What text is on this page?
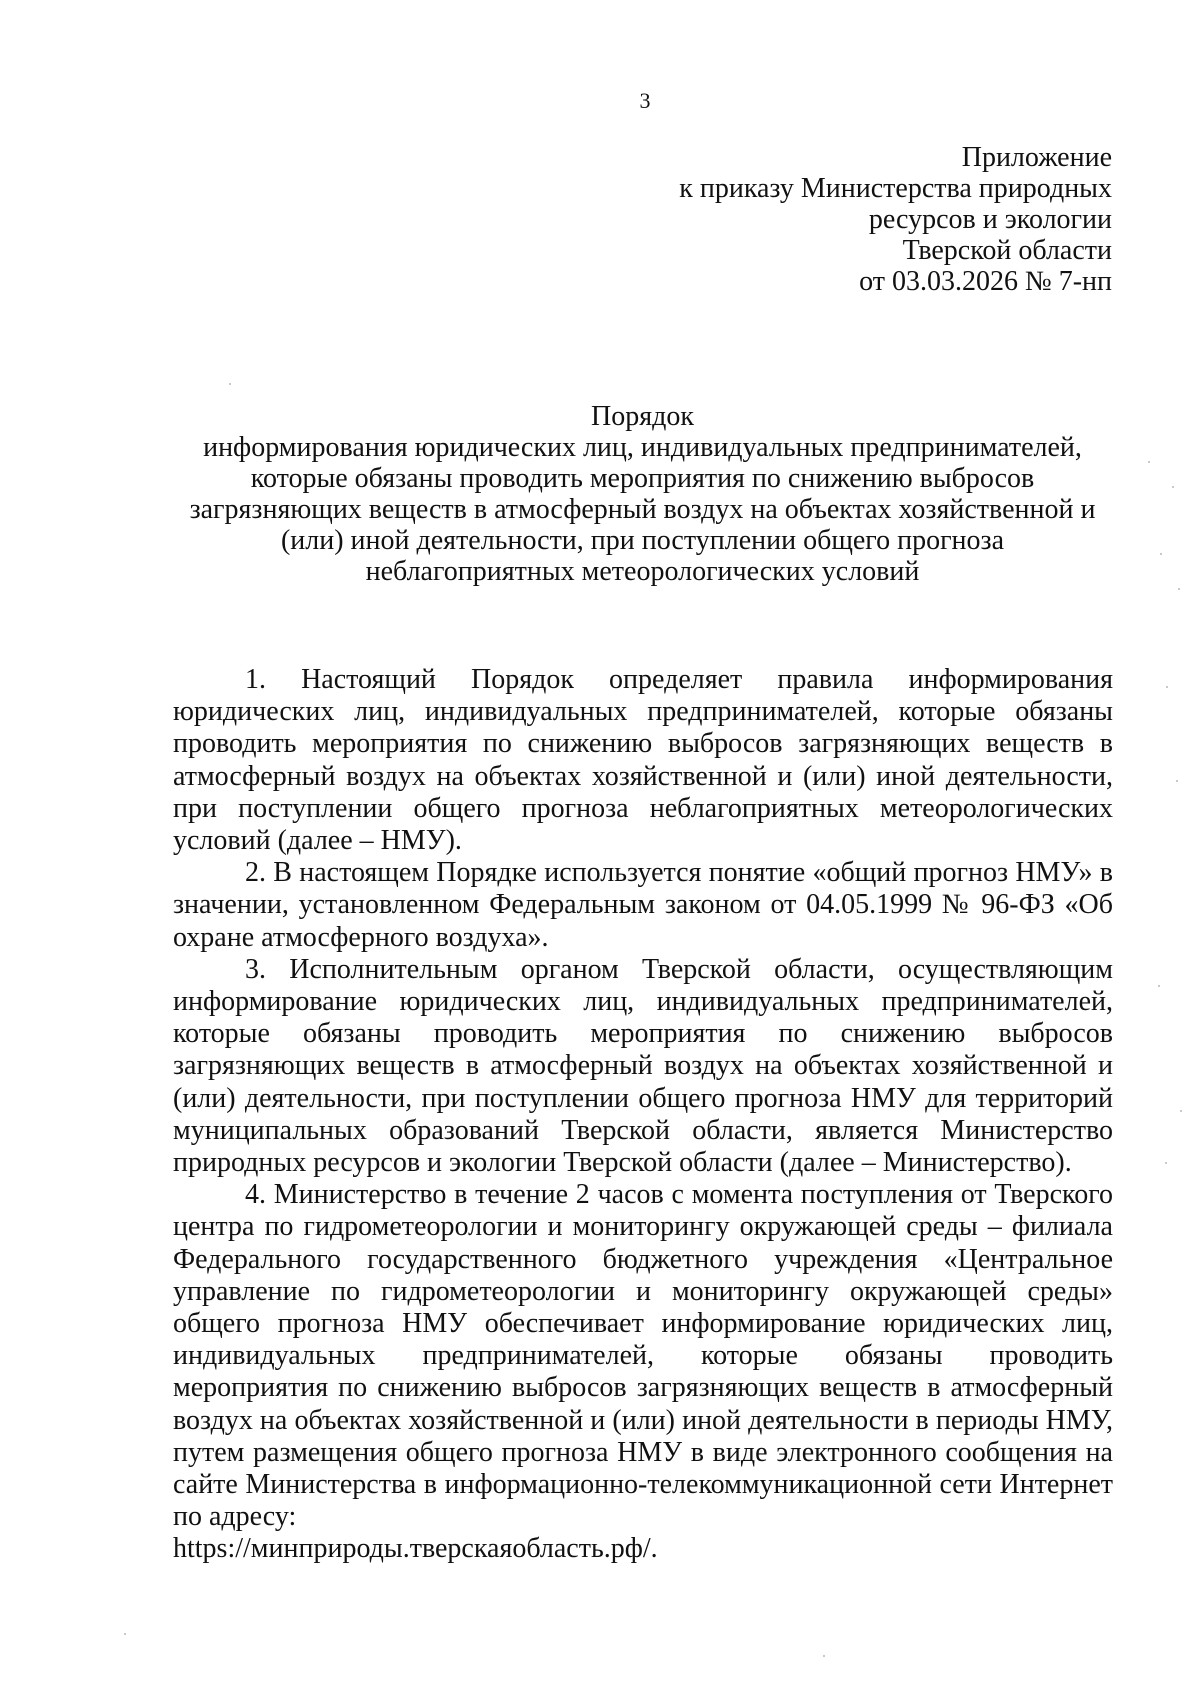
3
Приложение
к приказу Министерства природных
ресурсов и экологии
Тверской области
от 03.03.2026 № 7-нп
Порядок
информирования юридических лиц, индивидуальных предпринимателей,
которые обязаны проводить мероприятия по снижению выбросов
загрязняющих веществ в атмосферный воздух на объектах хозяйственной и
(или) иной деятельности, при поступлении общего прогноза
неблагоприятных метеорологических условий

1. Настоящий Порядок определяет правила информирования юридических лиц, индивидуальных предпринимателей, которые обязаны проводить мероприятия по снижению выбросов загрязняющих веществ в атмосферный воздух на объектах хозяйственной и (или) иной деятельности, при поступлении общего прогноза неблагоприятных метеорологических условий (далее – НМУ).

2. В настоящем Порядке используется понятие «общий прогноз НМУ» в значении, установленном Федеральным законом от 04.05.1999 № 96-ФЗ «Об охране атмосферного воздуха».

3. Исполнительным органом Тверской области, осуществляющим информирование юридических лиц, индивидуальных предпринимателей, которые обязаны проводить мероприятия по снижению выбросов загрязняющих веществ в атмосферный воздух на объектах хозяйственной и (или) деятельности, при поступлении общего прогноза НМУ для территорий муниципальных образований Тверской области, является Министерство природных ресурсов и экологии Тверской области (далее – Министерство).

4. Министерство в течение 2 часов с момента поступления от Тверского центра по гидрометеорологии и мониторингу окружающей среды – филиала Федерального государственного бюджетного учреждения «Центральное управление по гидрометеорологии и мониторингу окружающей среды» общего прогноза НМУ обеспечивает информирование юридических лиц, индивидуальных предпринимателей, которые обязаны проводить мероприятия по снижению выбросов загрязняющих веществ в атмосферный воздух на объектах хозяйственной и (или) иной деятельности в периоды НМУ, путем размещения общего прогноза НМУ в виде электронного сообщения на сайте Министерства в информационно-телекоммуникационной сети Интернет по адресу:

https://минприроды.тверскаяобласть.рф/.
